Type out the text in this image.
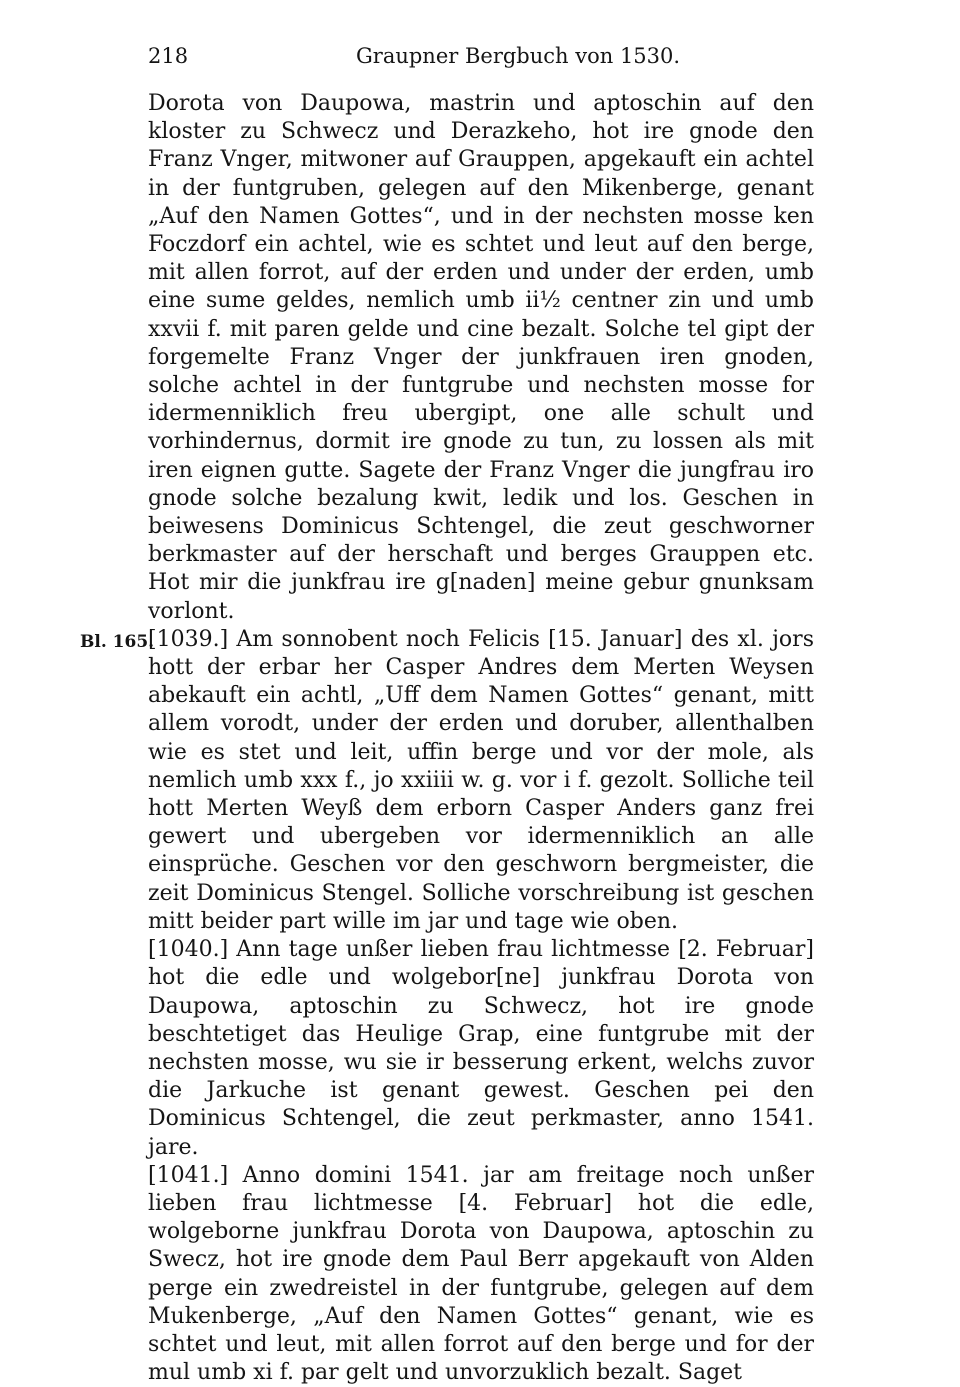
218	Graupner Bergbuch von 1530.

Dorota von Daupowa, mastrin und aptoschin auf den kloster zu Schwecz und Derazkeho, hot ire gnode den Franz Vnger, mitwoner auf Grauppen, apgekauft ein achtel in der funtgruben, gelegen auf den Mikenberge, genant „Auf den Namen Gottes“, und in der nechsten mosse ken Foczdorf ein achtel, wie es schtet und leut auf den berge, mit allen forrot, auf der erden und under der erden, umb eine sume geldes, nemlich umb ii½ centner zin und umb xxvii f. mit paren gelde und cine bezalt. Solche tel gipt der forgemelte Franz Vnger der junkfrauen iren gnoden, solche achtel in der funtgrube und nechsten mosse for idermenniklich freu ubergipt, one alle schult und vorhindernus, dormit ire gnode zu tun, zu lossen als mit iren eignen gutte. Sagete der Franz Vnger die jungfrau iro gnode solche bezalung kwit, ledik und los. Geschen in beiwesens Dominicus Schtengel, die zeut geschworner berkmaster auf der herschaft und berges Grauppen etc. Hot mir die junkfrau ire g[naden] meine gebur gnunksam vorlont.

Bl. 165.
[1039.] Am sonnobent noch Felicis [15. Januar] des xl. jors hott der erbar her Casper Andres dem Merten Weysen abekauft ein achtl, „Uff dem Namen Gottes“ genant, mitt allem vorodt, under der erden und doruber, allenthalben wie es stet und leit, uffin berge und vor der mole, als nemlich umb xxx f., jo xxiiii w. g. vor i f. gezolt. Solliche teil hott Merten Weyß dem erborn Casper Anders ganz frei gewert und ubergeben vor idermenniklich an alle einsprüche. Geschen vor den geschworn bergmeister, die zeit Dominicus Stengel. Solliche vorschreibung ist geschen mitt beider part wille im jar und tage wie oben.

[1040.] Ann tage unßer lieben frau lichtmesse [2. Februar] hot die edle und wolgebor[ne] junkfrau Dorota von Daupowa, aptoschin zu Schwecz, hot ire gnode beschtetiget das Heulige Grap, eine funtgrube mit der nechsten mosse, wu sie ir besserung erkent, welchs zuvor die Jarkuche ist genant gewest. Geschen pei den Dominicus Schtengel, die zeut perkmaster, anno 1541. jare.

[1041.] Anno domini 1541. jar am freitage noch unßer lieben frau lichtmesse [4. Februar] hot die edle, wolgeborne junkfrau Dorota von Daupowa, aptoschin zu Swecz, hot ire gnode dem Paul Berr apgekauft von Alden perge ein zwedreistel in der funtgrube, gelegen auf dem Mukenberge, „Auf den Namen Gottes“ genant, wie es schtet und leut, mit allen forrot auf den berge und for der mul umb xi f. par gelt und unvorzuklich bezalt. Saget
